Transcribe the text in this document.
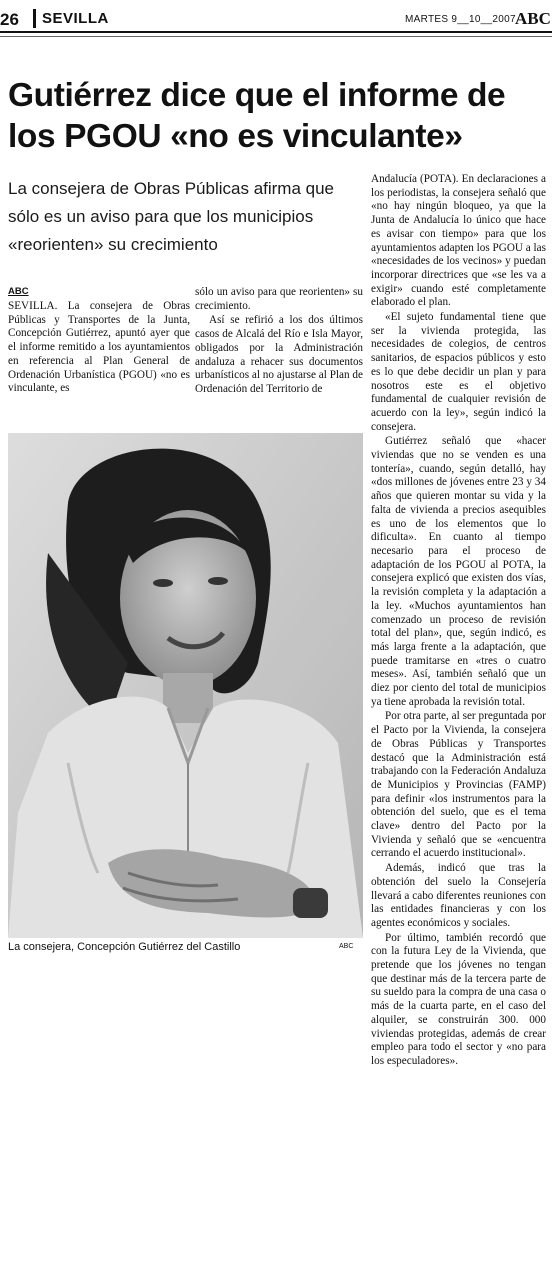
26	SEVILLA	MARTES 9__10__2007 ABC
Gutiérrez dice que el informe de los PGOU «no es vinculante»

La consejera de Obras Públicas afirma que sólo es un aviso para que los municipios «reorienten» su crecimiento

ABC

SEVILLA. La consejera de Obras Públicas y Transportes de la Junta, Concepción Gutiérrez, apuntó ayer que el informe remitido a los ayuntamientos en referencia al Plan General de Ordenación Urbanística (PGOU) «no es vinculante, es

sólo un aviso para que reorienten» su crecimiento.

Así se refirió a los dos últimos casos de Alcalá del Río e Isla Mayor, obligados por la Administración andaluza a rehacer sus documentos urbanísticos al no ajustarse al Plan de Ordenación del Territorio de

Andalucía (POTA). En declaraciones a los periodistas, la consejera señaló que «no hay ningún bloqueo, ya que la Junta de Andalucía lo único que hace es avisar con tiempo» para que los ayuntamientos adapten los PGOU a las «necesidades de los vecinos» y puedan incorporar directrices que «se les va a exigir» cuando esté completamente elaborado el plan.

«El sujeto fundamental tiene que ser la vivienda protegida, las necesidades de colegios, de centros sanitarios, de espacios públicos y esto es lo que debe decidir un plan y para nosotros este es el objetivo fundamental de cualquier revisión de acuerdo con la ley», según indicó la consejera.

Gutiérrez señaló que «hacer viviendas que no se venden es una tontería», cuando, según detalló, hay «dos millones de jóvenes entre 23 y 34 años que quieren montar su vida y la falta de vivienda a precios asequibles es uno de los elementos que lo dificulta». En cuanto al tiempo necesario para el proceso de adaptación de los PGOU al POTA, la consejera explicó que existen dos vías, la revisión completa y la adaptación a la ley. «Muchos ayuntamientos han comenzado un proceso de revisión total del plan», que, según indicó, es más larga frente a la adaptación, que puede tramitarse en «tres o cuatro meses». Así, también señaló que un diez por ciento del total de municipios ya tiene aprobada la revisión total.

Por otra parte, al ser preguntada por el Pacto por la Vivienda, la consejera de Obras Públicas y Transportes destacó que la Administración está trabajando con la Federación Andaluza de Municipios y Provincias (FAMP) para definir «los instrumentos para la obtención del suelo, que es el tema clave» dentro del Pacto por la Vivienda y señaló que se «encuentra cerrando el acuerdo institucional».

Además, indicó que tras la obtención del suelo la Consejería llevará a cabo diferentes reuniones con las entidades financieras y con los agentes económicos y sociales.

Por último, también recordó que con la futura Ley de la Vivienda, que pretende que los jóvenes no tengan que destinar más de la tercera parte de su sueldo para la compra de una casa o más de la cuarta parte, en el caso del alquiler, se construirán 300. 000 viviendas protegidas, además de crear empleo para todo el sector y «no para los especuladores».

La consejera, Concepción Gutiérrez del Castillo	ABC
